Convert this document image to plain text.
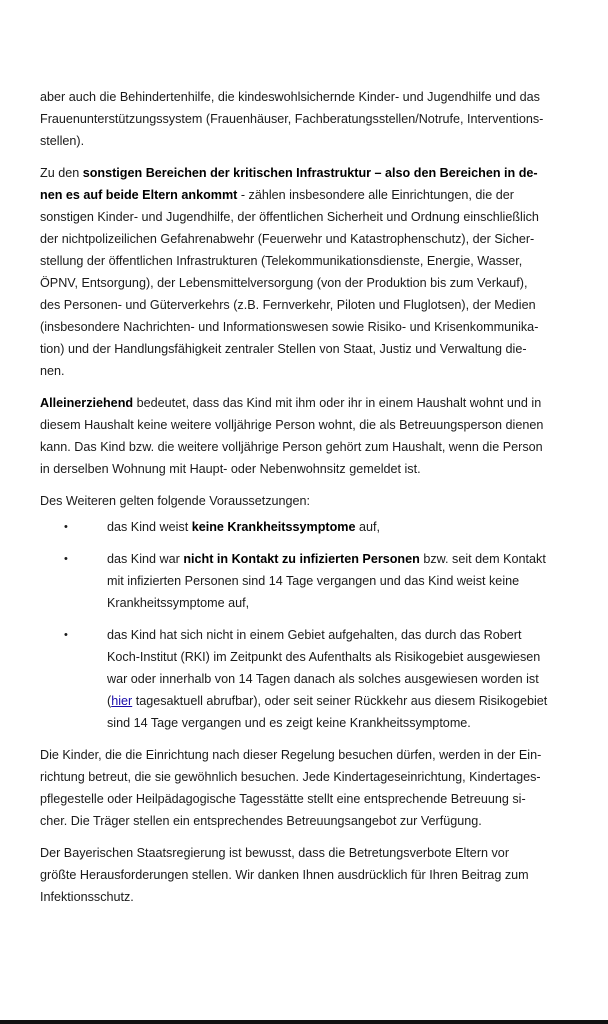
aber auch die Behindertenhilfe, die kindeswohlsichernde Kinder- und Jugendhilfe und das
Frauenunterstützungssystem (Frauenhäuser, Fachberatungsstellen/Notrufe, Interventions-
stellen).

Zu den sonstigen Bereichen der kritischen Infrastruktur – also den Bereichen in de-
nen es auf beide Eltern ankommt - zählen insbesondere alle Einrichtungen, die der
sonstigen Kinder- und Jugendhilfe, der öffentlichen Sicherheit und Ordnung einschließlich
der nichtpolizeilichen Gefahrenabwehr (Feuerwehr und Katastrophenschutz), der Sicher-
stellung der öffentlichen Infrastrukturen (Telekommunikationsdienste, Energie, Wasser,
ÖPNV, Entsorgung), der Lebensmittelversorgung (von der Produktion bis zum Verkauf),
des Personen- und Güterverkehrs (z.B. Fernverkehr, Piloten und Fluglotsen), der Medien
(insbesondere Nachrichten- und Informationswesen sowie Risiko- und Krisenkommunika-
tion) und der Handlungsfähigkeit zentraler Stellen von Staat, Justiz und Verwaltung die-
nen.

Alleinerziehend bedeutet, dass das Kind mit ihm oder ihr in einem Haushalt wohnt und in
diesem Haushalt keine weitere volljährige Person wohnt, die als Betreuungsperson dienen
kann. Das Kind bzw. die weitere volljährige Person gehört zum Haushalt, wenn die Person
in derselben Wohnung mit Haupt- oder Nebenwohnsitz gemeldet ist.

Des Weiteren gelten folgende Voraussetzungen:

•	das Kind weist keine Krankheitssymptome auf,
•	das Kind war nicht in Kontakt zu infizierten Personen bzw. seit dem Kontakt
mit infizierten Personen sind 14 Tage vergangen und das Kind weist keine
Krankheitssymptome auf,
•	das Kind hat sich nicht in einem Gebiet aufgehalten, das durch das Robert
Koch-Institut (RKI) im Zeitpunkt des Aufenthalts als Risikogebiet ausgewiesen
war oder innerhalb von 14 Tagen danach als solches ausgewiesen worden ist
(hier tagesaktuell abrufbar), oder seit seiner Rückkehr aus diesem Risikogebiet
sind 14 Tage vergangen und es zeigt keine Krankheitssymptome.

Die Kinder, die die Einrichtung nach dieser Regelung besuchen dürfen, werden in der Ein-
richtung betreut, die sie gewöhnlich besuchen. Jede Kindertageseinrichtung, Kindertages-
pflegestelle oder Heilpädagogische Tagesstätte stellt eine entsprechende Betreuung si-
cher. Die Träger stellen ein entsprechendes Betreuungsangebot zur Verfügung.

Der Bayerischen Staatsregierung ist bewusst, dass die Betretungsverbote Eltern vor
größte Herausforderungen stellen. Wir danken Ihnen ausdrücklich für Ihren Beitrag zum
Infektionsschutz.
